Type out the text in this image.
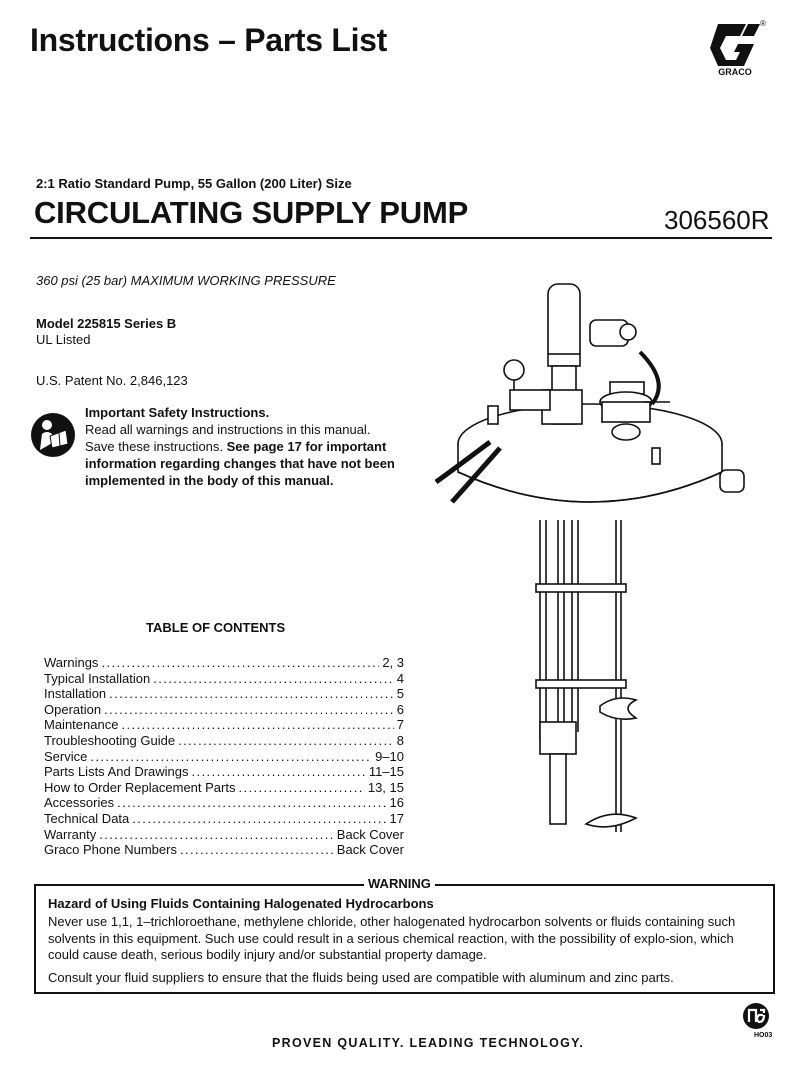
Instructions – Parts List
GRACO
®
2:1 Ratio Standard Pump, 55 Gallon (200 Liter) Size
CIRCULATING SUPPLY PUMP	306560R
360 psi (25 bar) MAXIMUM WORKING PRESSURE
Model 225815 Series B
UL Listed
U.S. Patent No. 2,846,123
Important Safety Instructions.
Read all warnings and instructions in this manual.
Save these instructions. See page 17 for important information regarding changes that have not been implemented in the body of this manual.
TABLE OF CONTENTS
Warnings .....	2, 3
Typical Installation .....	4
Installation .....	5
Operation .....	6
Maintenance .....	7
Troubleshooting Guide .....	8
Service .....	9–10
Parts Lists And Drawings .....	11–15
How to Order Replacement Parts .....	13, 15
Accessories .....	16
Technical Data .....	17
Warranty .....	Back Cover
Graco Phone Numbers .....	Back Cover
WARNING
Hazard of Using Fluids Containing Halogenated Hydrocarbons
Never use 1,1, 1–trichloroethane, methylene chloride, other halogenated hydrocarbon solvents or fluids containing such solvents in this equipment. Such use could result in a serious chemical reaction, with the possibility of explo-sion, which could cause death, serious bodily injury and/or substantial property damage.
Consult your fluid suppliers to ensure that the fluids being used are compatible with aluminum and zinc parts.
PROVEN QUALITY. LEADING TECHNOLOGY.
HO03
